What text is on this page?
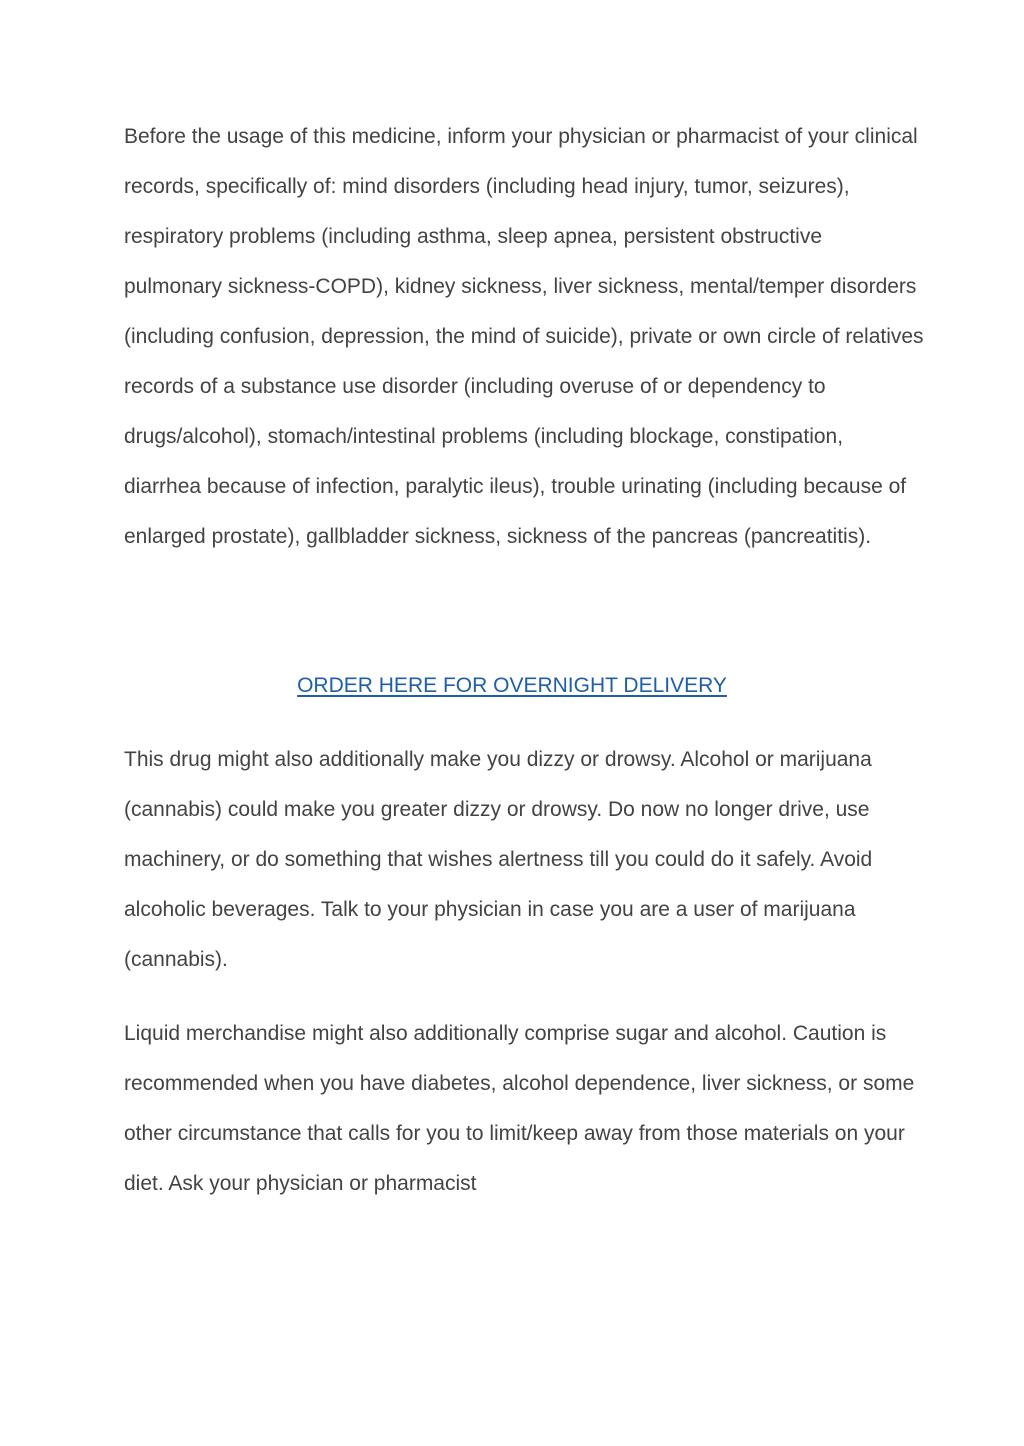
Before the usage of this medicine, inform your physician or pharmacist of your clinical records, specifically of: mind disorders (including head injury, tumor, seizures), respiratory problems (including asthma, sleep apnea, persistent obstructive pulmonary sickness-COPD), kidney sickness, liver sickness, mental/temper disorders (including confusion, depression, the mind of suicide), private or own circle of relatives records of a substance use disorder (including overuse of or dependency to drugs/alcohol), stomach/intestinal problems (including blockage, constipation, diarrhea because of infection, paralytic ileus), trouble urinating (including because of enlarged prostate), gallbladder sickness, sickness of the pancreas (pancreatitis).

ORDER HERE FOR OVERNIGHT DELIVERY

This drug might also additionally make you dizzy or drowsy. Alcohol or marijuana (cannabis) could make you greater dizzy or drowsy. Do now no longer drive, use machinery, or do something that wishes alertness till you could do it safely. Avoid alcoholic beverages. Talk to your physician in case you are a user of marijuana (cannabis).

Liquid merchandise might also additionally comprise sugar and alcohol. Caution is recommended when you have diabetes, alcohol dependence, liver sickness, or some other circumstance that calls for you to limit/keep away from those materials on your diet. Ask your physician or pharmacist
